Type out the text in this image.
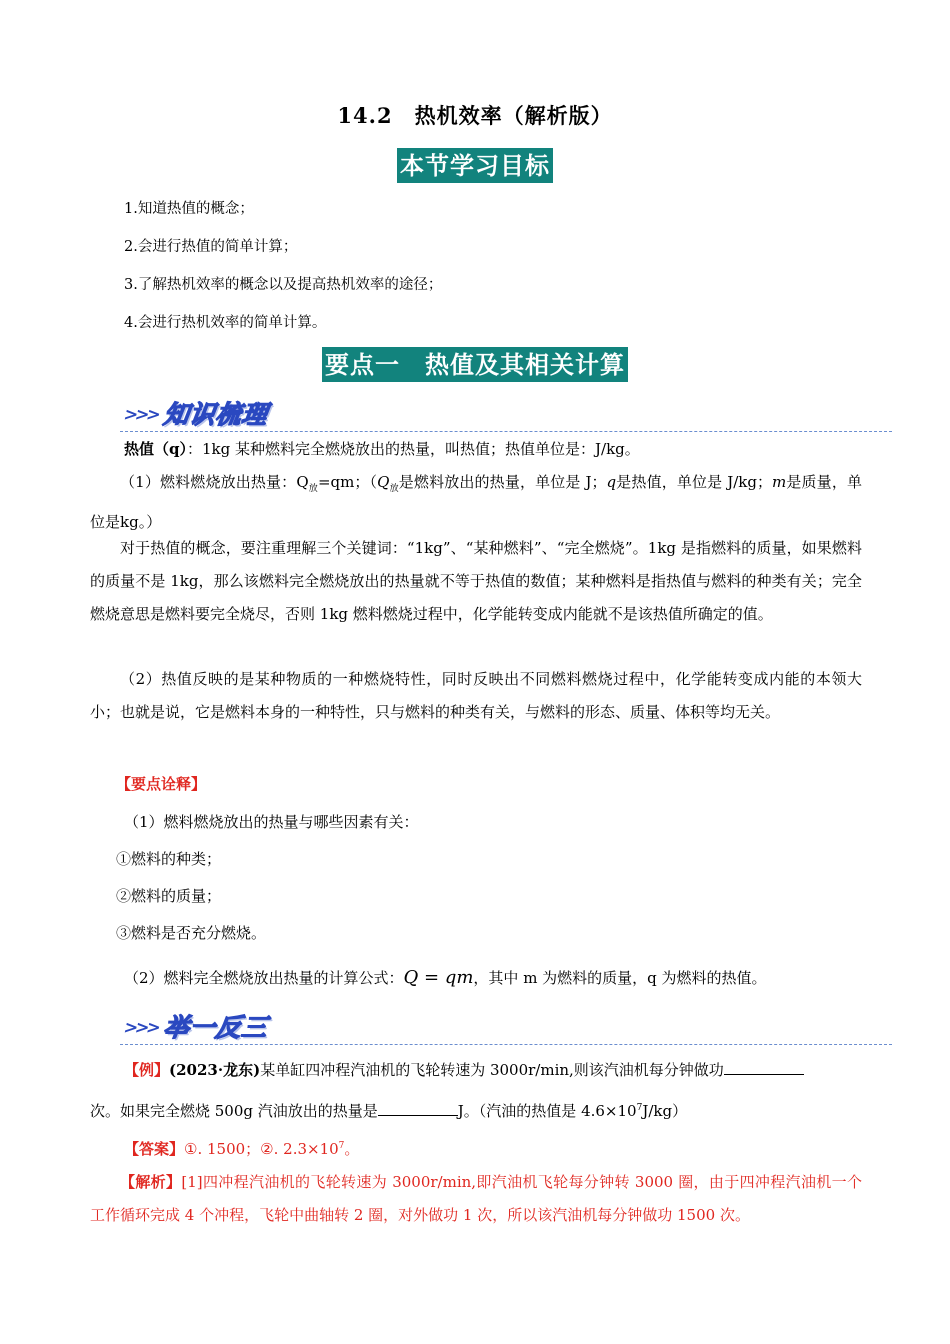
14.2　热机效率（解析版）
本节学习目标
1.知道热值的概念；
2.会进行热值的简单计算；
3.了解热机效率的概念以及提高热机效率的途径；
4.会进行热机效率的简单计算。
要点一　热值及其相关计算
>>> 知识梳理
热值（q）：1kg 某种燃料完全燃烧放出的热量，叫热值；热值单位是：J/kg。
（1）燃料燃烧放出热量：$Q_放=qm$；（$Q_放$是燃料放出的热量，单位是 J；q是热值，单位是 J/kg；m是质量，单位是kg。）
对于热值的概念，要注重理解三个关键词：“1kg”、“某种燃料”、“完全燃烧”。1kg 是指燃料的质量，如果燃料的质量不是 1kg，那么该燃料完全燃烧放出的热量就不等于热值的数值；某种燃料是指热值与燃料的种类有关；完全燃烧意思是燃料要完全烧尽，否则 1kg 燃料燃烧过程中，化学能转变成内能就不是该热值所确定的值。
（2）热值反映的是某种物质的一种燃烧特性，同时反映出不同燃料燃烧过程中，化学能转变成内能的本领大小；也就是说，它是燃料本身的一种特性，只与燃料的种类有关，与燃料的形态、质量、体积等均无关。
【要点诠释】
（1）燃料燃烧放出的热量与哪些因素有关：
①燃料的种类；
②燃料的质量；
③燃料是否充分燃烧。
（2）燃料完全燃烧放出热量的计算公式：Q = qm，其中 m 为燃料的质量，q 为燃料的热值。
>>> 举一反三
【例】(2023·龙东)某单缸四冲程汽油机的飞轮转速为 3000r/min,则该汽油机每分钟做功
次。如果完全燃烧 500g 汽油放出的热量是	J。（汽油的热值是 $4.6\times 10^7J/kg$）
【答案】①. 1500；②. $2.3\times 10^7$。
【解析】[1]四冲程汽油机的飞轮转速为 3000r/min,即汽油机飞轮每分钟转 3000 圈，由于四冲程汽油机一个工作循环完成 4 个冲程，飞轮中曲轴转 2 圈，对外做功 1 次，所以该汽油机每分钟做功 1500 次。
